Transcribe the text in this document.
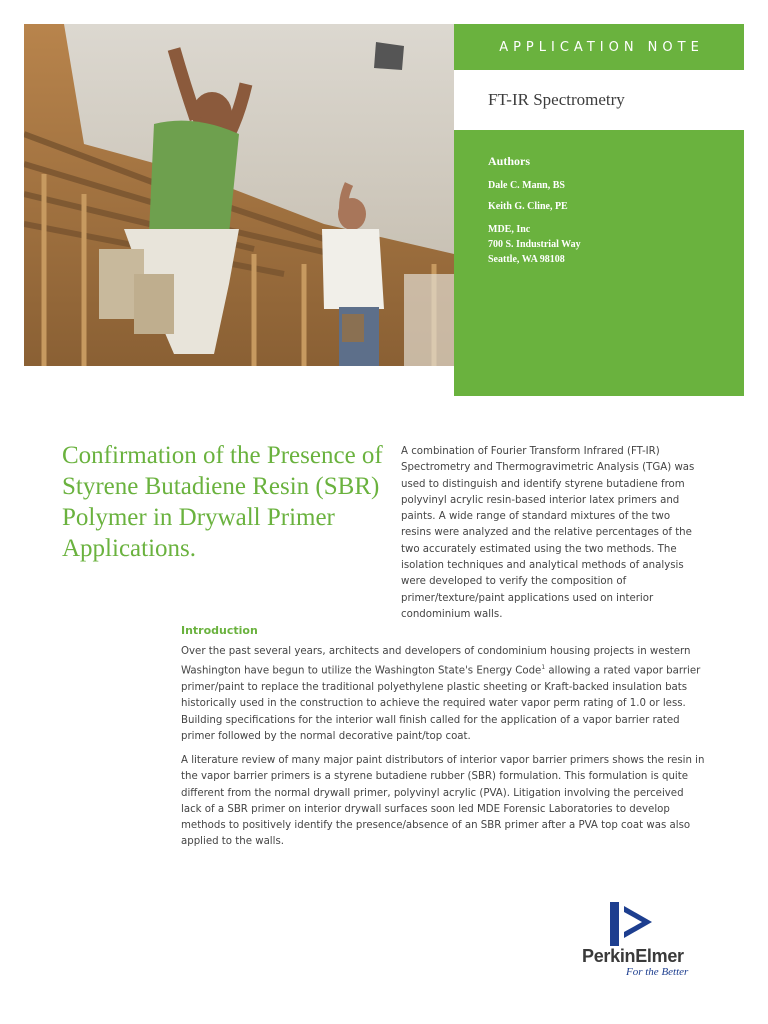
APPLICATION NOTE
FT-IR Spectrometry
Authors
Dale C. Mann, BS
Keith G. Cline, PE
MDE, Inc
700 S. Industrial Way
Seattle, WA 98108
Confirmation of the Presence of Styrene Butadiene Resin (SBR) Polymer in Drywall Primer Applications.

A combination of Fourier Transform Infrared (FT-IR) Spectrometry and Thermogravimetric Analysis (TGA) was used to distinguish and identify styrene butadiene from polyvinyl acrylic resin-based interior latex primers and paints. A wide range of standard mixtures of the two resins were analyzed and the relative percentages of the two accurately estimated using the two methods. The isolation techniques and analytical methods of analysis were developed to verify the composition of primer/texture/paint applications used on interior condominium walls.

Introduction

Over the past several years, architects and developers of condominium housing projects in western Washington have begun to utilize the Washington State's Energy Code$^1$ allowing a rated vapor barrier primer/paint to replace the traditional polyethylene plastic sheeting or Kraft-backed insulation bats historically used in the construction to achieve the required water vapor perm rating of 1.0 or less. Building specifications for the interior wall finish called for the application of a vapor barrier rated primer followed by the normal decorative paint/top coat.

A literature review of many major paint distributors of interior vapor barrier primers shows the resin in the vapor barrier primers is a styrene butadiene rubber (SBR) formulation. This formulation is quite different from the normal drywall primer, polyvinyl acrylic (PVA). Litigation involving the perceived lack of a SBR primer on interior drywall surfaces soon led MDE Forensic Laboratories to develop methods to positively identify the presence/absence of an SBR primer after a PVA top coat was also applied to the walls.

PerkinElmer
For the Better
